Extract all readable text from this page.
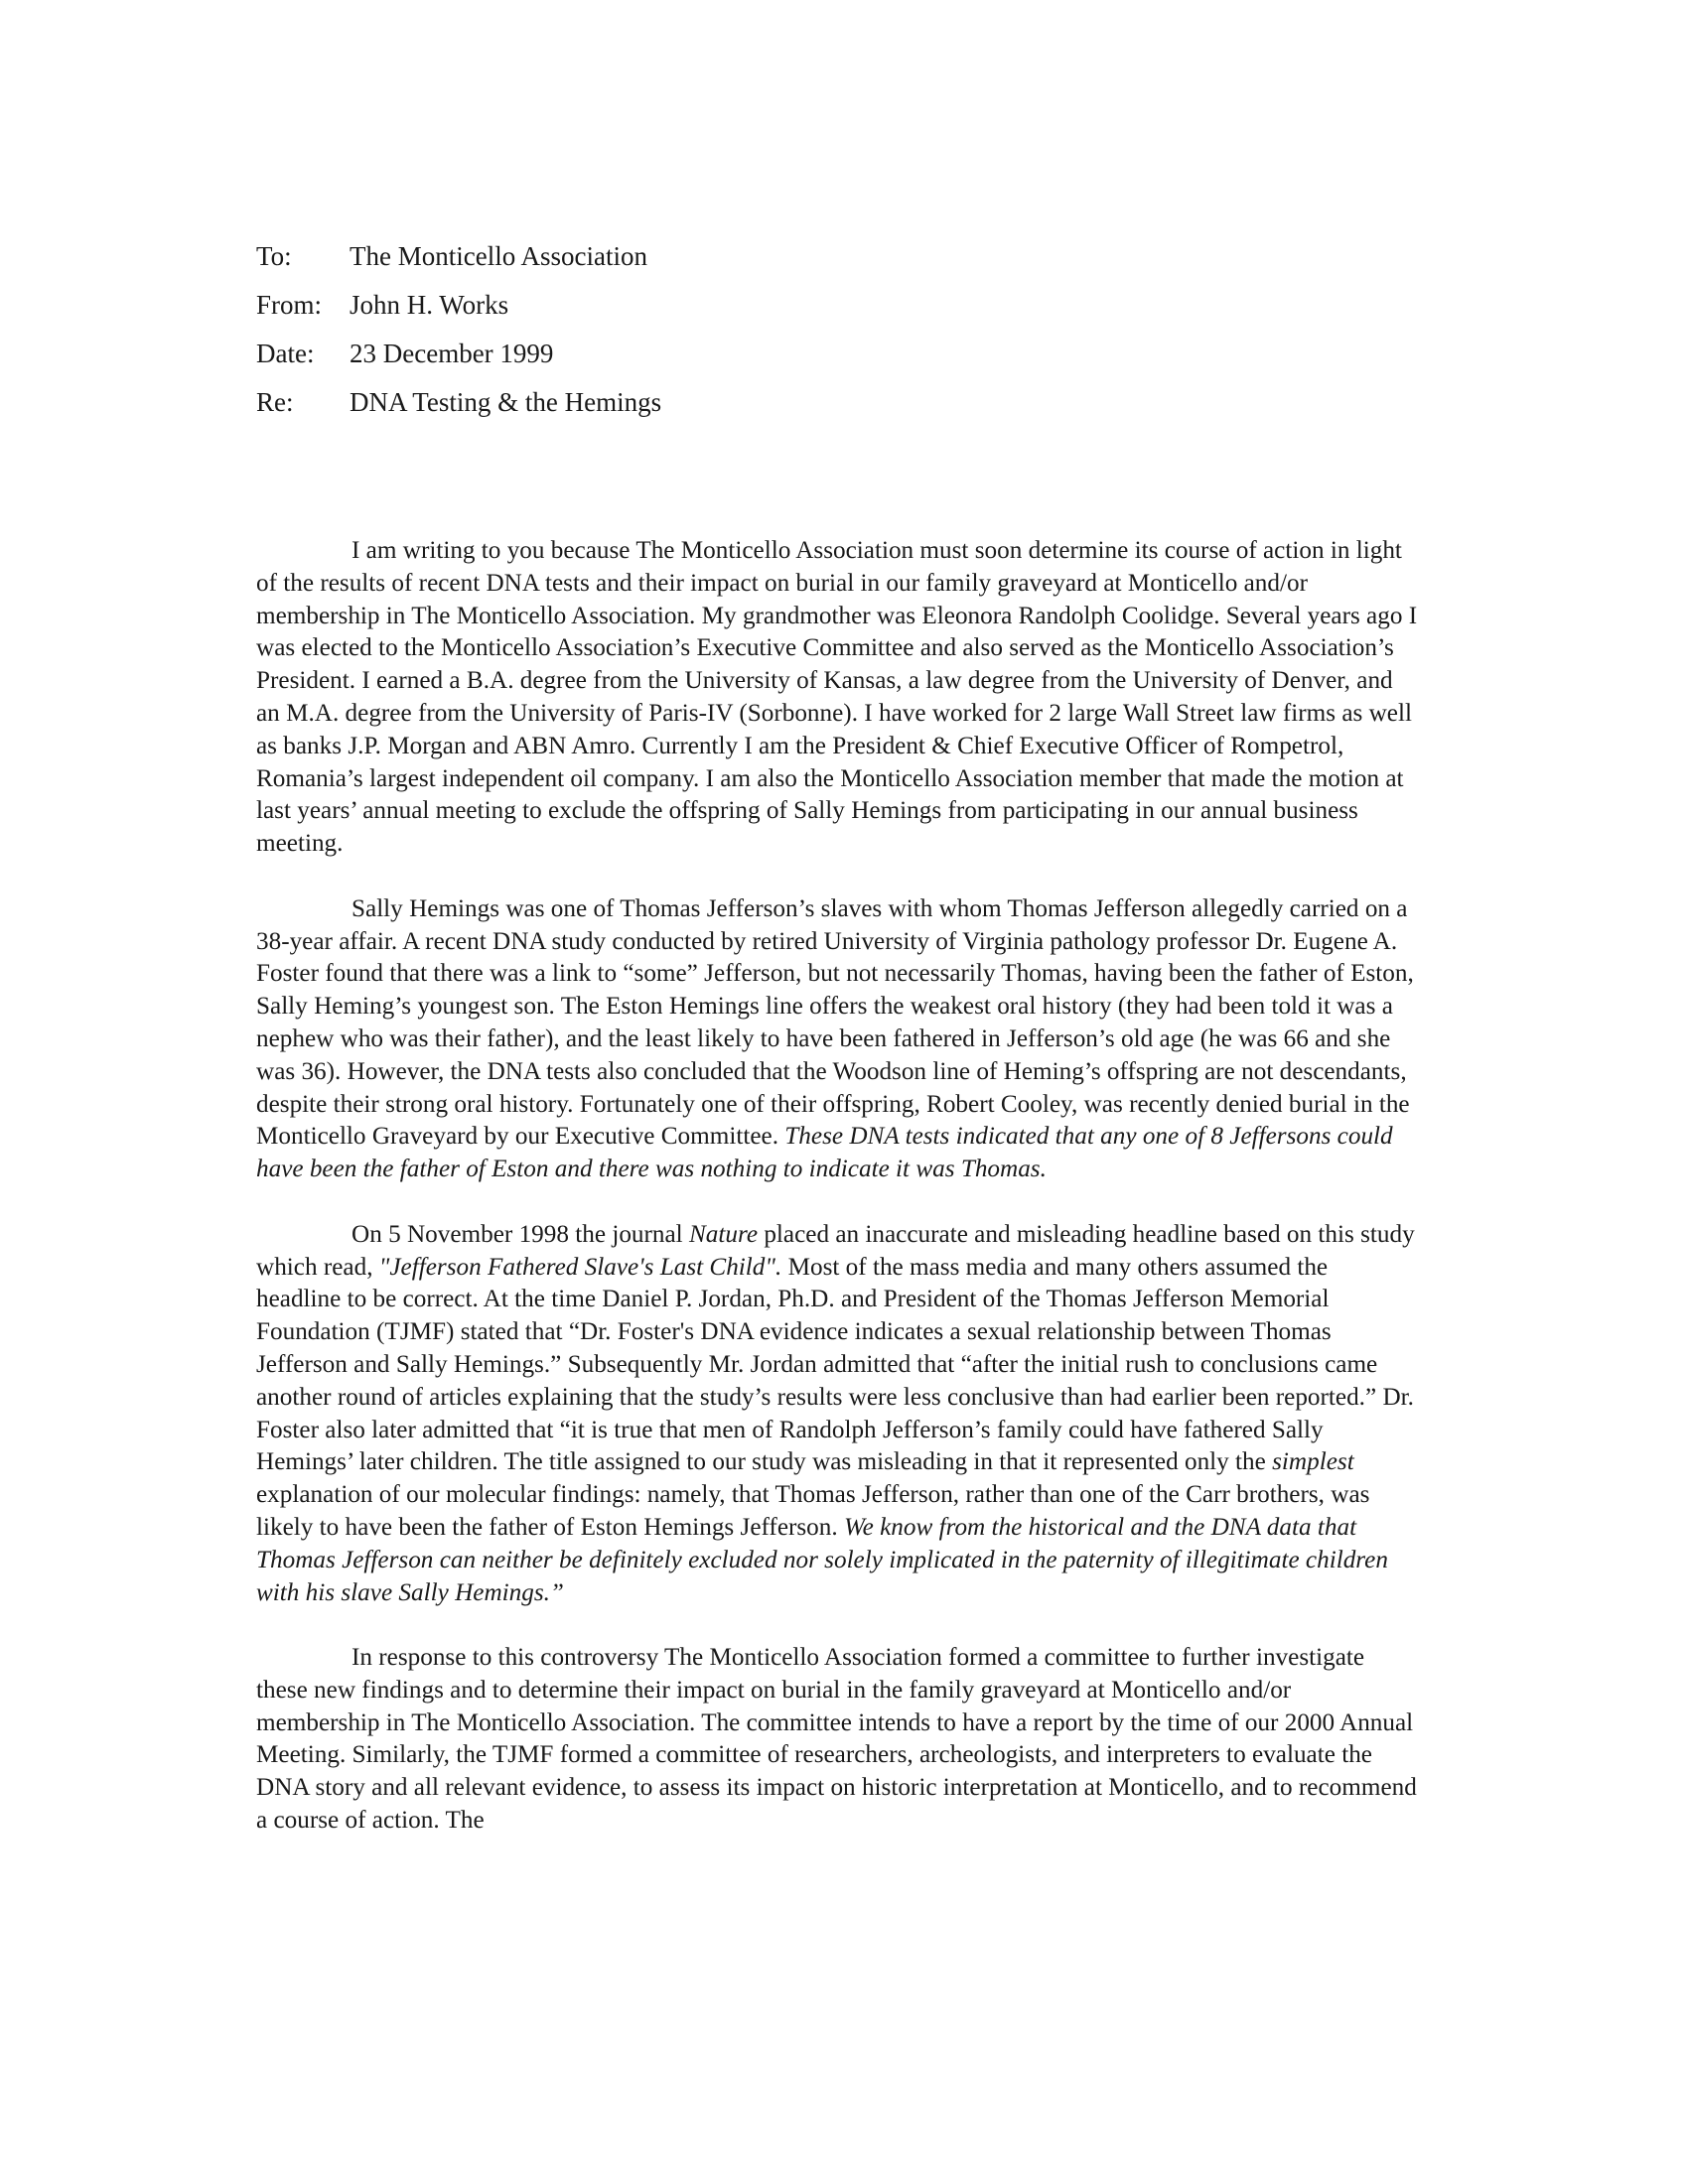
To:	The Monticello Association
From:	John H. Works
Date:	23 December 1999
Re:	DNA Testing & the Hemings

I am writing to you because The Monticello Association must soon determine its course of action in light of the results of recent DNA tests and their impact on burial in our family graveyard at Monticello and/or membership in The Monticello Association. My grandmother was Eleonora Randolph Coolidge. Several years ago I was elected to the Monticello Association’s Executive Committee and also served as the Monticello Association’s President. I earned a B.A. degree from the University of Kansas, a law degree from the University of Denver, and an M.A. degree from the University of Paris-IV (Sorbonne). I have worked for 2 large Wall Street law firms as well as banks J.P. Morgan and ABN Amro. Currently I am the President & Chief Executive Officer of Rompetrol, Romania’s largest independent oil company. I am also the Monticello Association member that made the motion at last years’ annual meeting to exclude the offspring of Sally Hemings from participating in our annual business meeting.

Sally Hemings was one of Thomas Jefferson’s slaves with whom Thomas Jefferson allegedly carried on a 38-year affair. A recent DNA study conducted by retired University of Virginia pathology professor Dr. Eugene A. Foster found that there was a link to “some” Jefferson, but not necessarily Thomas, having been the father of Eston, Sally Heming’s youngest son. The Eston Hemings line offers the weakest oral history (they had been told it was a nephew who was their father), and the least likely to have been fathered in Jefferson’s old age (he was 66 and she was 36). However, the DNA tests also concluded that the Woodson line of Heming’s offspring are not descendants, despite their strong oral history. Fortunately one of their offspring, Robert Cooley, was recently denied burial in the Monticello Graveyard by our Executive Committee. These DNA tests indicated that any one of 8 Jeffersons could have been the father of Eston and there was nothing to indicate it was Thomas.

On 5 November 1998 the journal Nature placed an inaccurate and misleading headline based on this study which read, "Jefferson Fathered Slave's Last Child". Most of the mass media and many others assumed the headline to be correct. At the time Daniel P. Jordan, Ph.D. and President of the Thomas Jefferson Memorial Foundation (TJMF) stated that “Dr. Foster's DNA evidence indicates a sexual relationship between Thomas Jefferson and Sally Hemings.” Subsequently Mr. Jordan admitted that “after the initial rush to conclusions came another round of articles explaining that the study’s results were less conclusive than had earlier been reported.” Dr. Foster also later admitted that “it is true that men of Randolph Jefferson’s family could have fathered Sally Hemings’ later children. The title assigned to our study was misleading in that it represented only the simplest explanation of our molecular findings: namely, that Thomas Jefferson, rather than one of the Carr brothers, was likely to have been the father of Eston Hemings Jefferson. We know from the historical and the DNA data that Thomas Jefferson can neither be definitely excluded nor solely implicated in the paternity of illegitimate children with his slave Sally Hemings.”

In response to this controversy The Monticello Association formed a committee to further investigate these new findings and to determine their impact on burial in the family graveyard at Monticello and/or membership in The Monticello Association. The committee intends to have a report by the time of our 2000 Annual Meeting. Similarly, the TJMF formed a committee of researchers, archeologists, and interpreters to evaluate the DNA story and all relevant evidence, to assess its impact on historic interpretation at Monticello, and to recommend a course of action. The
